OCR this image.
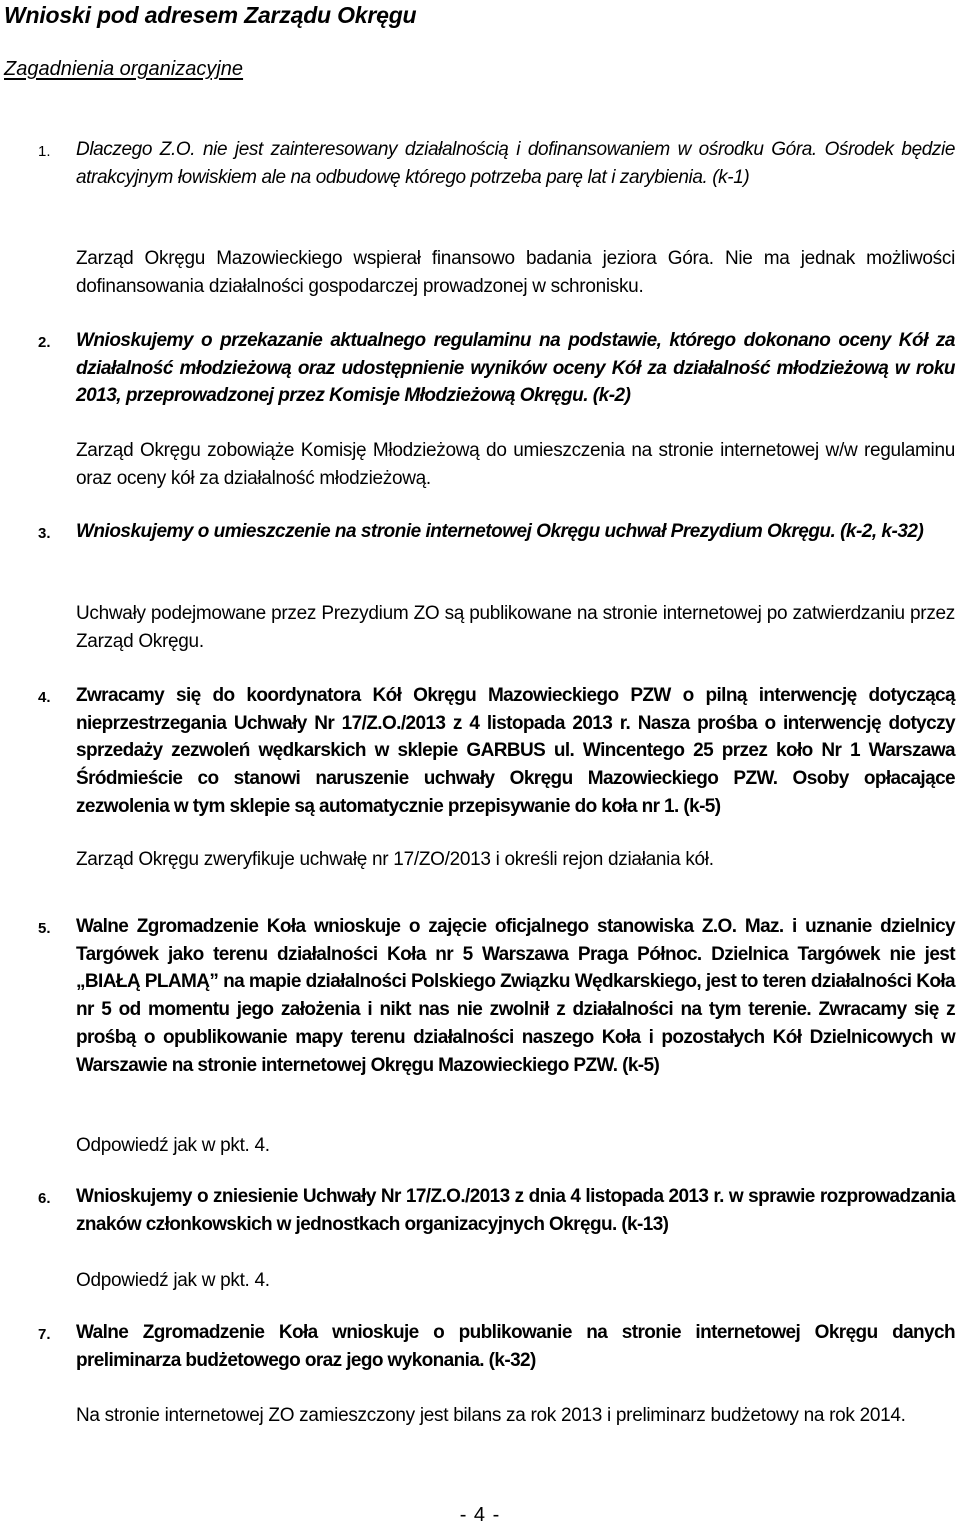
Wnioski pod adresem Zarządu Okręgu
Zagadnienia organizacyjne
1. Dlaczego Z.O. nie jest zainteresowany działalnością i dofinansowaniem w ośrodku Góra. Ośrodek będzie atrakcyjnym łowiskiem ale na odbudowę którego potrzeba parę lat i zarybienia. (k-1)

Zarząd Okręgu Mazowieckiego wspierał finansowo badania jeziora Góra. Nie ma jednak możliwości dofinansowania działalności gospodarczej prowadzonej w schronisku.

2. Wnioskujemy o przekazanie aktualnego regulaminu na podstawie, którego dokonano oceny Kół za działalność młodzieżową oraz udostępnienie wyników oceny Kół za działalność młodzieżową w roku 2013, przeprowadzonej przez Komisje Młodzieżową Okręgu. (k-2)

Zarząd Okręgu zobowiąże Komisję Młodzieżową do umieszczenia na stronie internetowej w/w regulaminu oraz oceny kół za działalność młodzieżową.

3. Wnioskujemy o umieszczenie na stronie internetowej Okręgu uchwał Prezydium Okręgu. (k-2, k-32)

Uchwały podejmowane przez Prezydium ZO są publikowane na stronie internetowej po zatwierdzaniu przez Zarząd Okręgu.

4. Zwracamy się do koordynatora Kół Okręgu Mazowieckiego PZW o pilną interwencję dotyczącą nieprzestrzegania Uchwały Nr 17/Z.O./2013 z 4 listopada 2013 r. Nasza prośba o interwencję dotyczy sprzedaży zezwoleń wędkarskich w sklepie GARBUS ul. Wincentego 25 przez koło Nr 1 Warszawa Śródmieście co stanowi naruszenie uchwały Okręgu Mazowieckiego PZW. Osoby opłacające zezwolenia w tym sklepie są automatycznie przepisywanie do koła nr 1. (k-5)

Zarząd Okręgu zweryfikuje uchwałę nr 17/ZO/2013 i określi rejon działania kół.

5. Walne Zgromadzenie Koła wnioskuje o zajęcie oficjalnego stanowiska Z.O. Maz. i uznanie dzielnicy Targówek jako terenu działalności Koła nr 5 Warszawa Praga Północ. Dzielnica Targówek nie jest „BIAŁĄ PLAMĄ” na mapie działalności Polskiego Związku Wędkarskiego, jest to teren działalności Koła nr 5 od momentu jego założenia i nikt nas nie zwolnił z działalności na tym terenie. Zwracamy się z prośbą o opublikowanie mapy terenu działalności naszego Koła i pozostałych Kół Dzielnicowych w Warszawie na stronie internetowej Okręgu Mazowieckiego PZW. (k-5)

Odpowiedź jak w pkt. 4.

6. Wnioskujemy o zniesienie Uchwały Nr 17/Z.O./2013 z dnia 4 listopada 2013 r. w sprawie rozprowadzania znaków członkowskich w jednostkach organizacyjnych Okręgu. (k-13)

Odpowiedź jak w pkt. 4.

7. Walne Zgromadzenie Koła wnioskuje o publikowanie na stronie internetowej Okręgu danych preliminarza budżetowego oraz jego wykonania. (k-32)

Na stronie internetowej ZO zamieszczony jest bilans za rok 2013 i preliminarz budżetowy na rok 2014.

- 4 -
